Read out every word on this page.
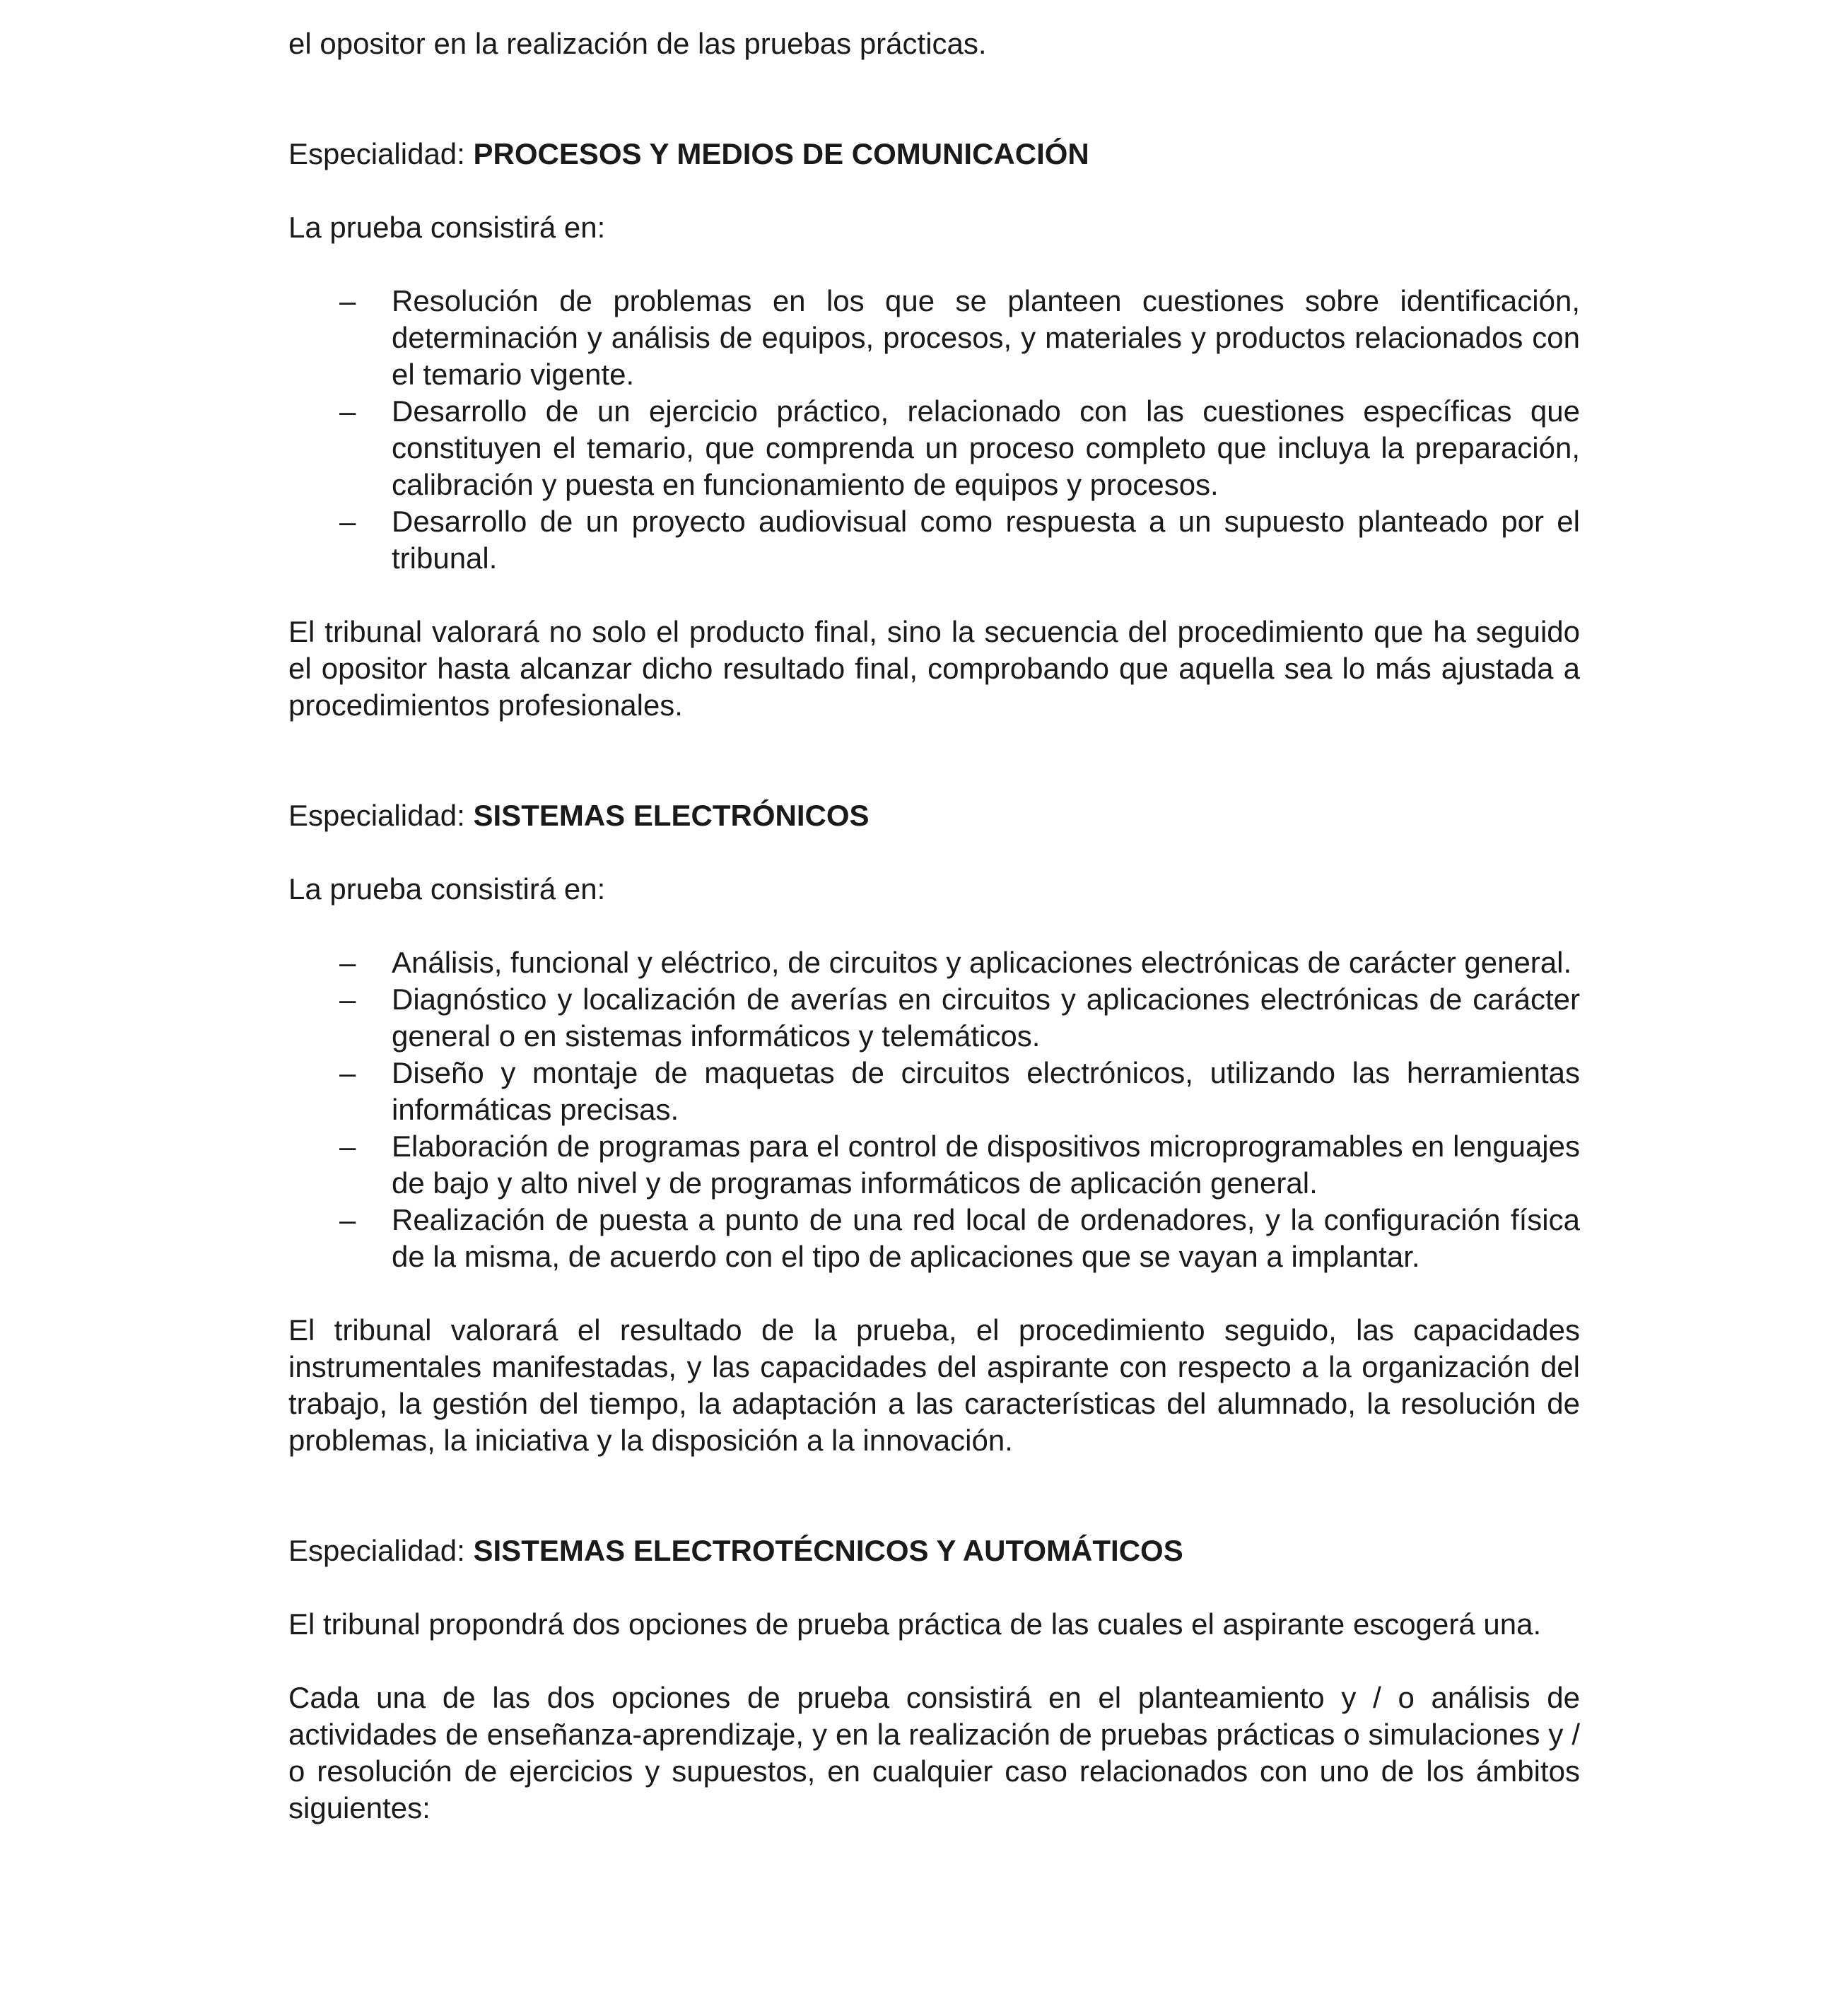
el opositor en la realización de las pruebas prácticas.

Especialidad: PROCESOS Y MEDIOS DE COMUNICACIÓN

La prueba consistirá en:

–	Resolución de problemas en los que se planteen cuestiones sobre identificación, determinación y análisis de equipos, procesos, y materiales y productos relacionados con el temario vigente.
–	Desarrollo de un ejercicio práctico, relacionado con las cuestiones específicas que constituyen el temario, que comprenda un proceso completo que incluya la preparación, calibración y puesta en funcionamiento de equipos y procesos.
–	Desarrollo de un proyecto audiovisual como respuesta a un supuesto planteado por el tribunal.

El tribunal valorará no solo el producto final, sino la secuencia del procedimiento que ha seguido el opositor hasta alcanzar dicho resultado final, comprobando que aquella sea lo más ajustada a procedimientos profesionales.

Especialidad: SISTEMAS ELECTRÓNICOS

La prueba consistirá en:

–	Análisis, funcional y eléctrico, de circuitos y aplicaciones electrónicas de carácter general.
–	Diagnóstico y localización de averías en circuitos y aplicaciones electrónicas de carácter general o en sistemas informáticos y telemáticos.
–	Diseño y montaje de maquetas de circuitos electrónicos, utilizando las herramientas informáticas precisas.
–	Elaboración de programas para el control de dispositivos microprogramables en lenguajes de bajo y alto nivel y de programas informáticos de aplicación general.
–	Realización de puesta a punto de una red local de ordenadores, y la configuración física de la misma, de acuerdo con el tipo de aplicaciones que se vayan a implantar.

El tribunal valorará el resultado de la prueba, el procedimiento seguido, las capacidades instrumentales manifestadas, y las capacidades del aspirante con respecto a la organización del trabajo, la gestión del tiempo, la adaptación a las características del alumnado, la resolución de problemas, la iniciativa y la disposición a la innovación.

Especialidad: SISTEMAS ELECTROTÉCNICOS Y AUTOMÁTICOS

El tribunal propondrá dos opciones de prueba práctica de las cuales el aspirante escogerá una.

Cada una de las dos opciones de prueba consistirá en el planteamiento y / o análisis de actividades de enseñanza-aprendizaje, y en la realización de pruebas prácticas o simulaciones y / o resolución de ejercicios y supuestos, en cualquier caso relacionados con uno de los ámbitos siguientes:
